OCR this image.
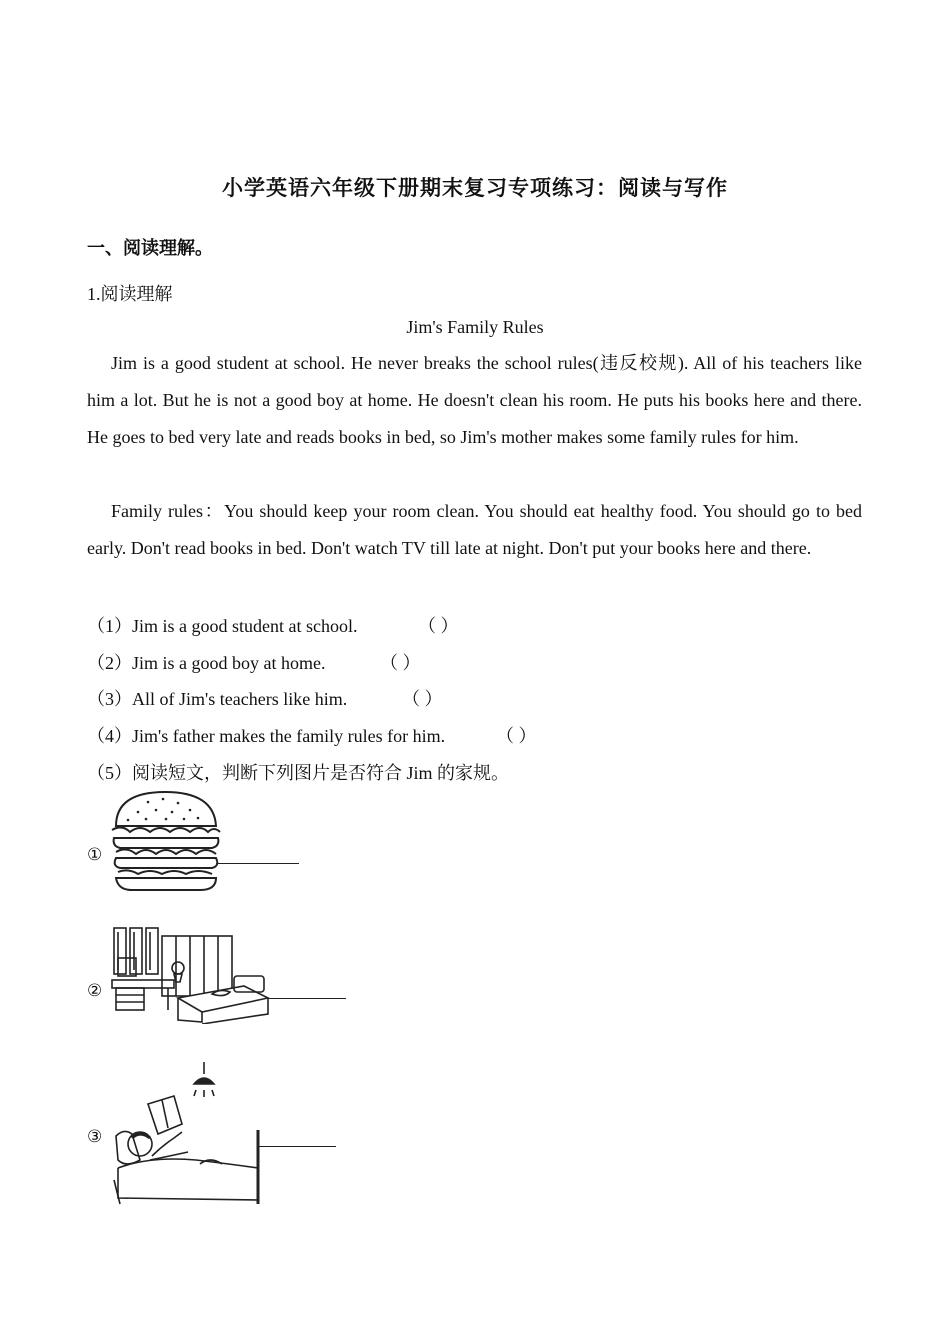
小学英语六年级下册期末复习专项练习：阅读与写作
一、阅读理解。
1.阅读理解
Jim's Family Rules

Jim is a good student at school. He never breaks the school rules(违反校规). All of his teachers like him a lot. But he is not a good boy at home. He doesn't clean his room. He puts his books here and there. He goes to bed very late and reads books in bed, so Jim's mother makes some family rules for him.

Family rules：You should keep your room clean. You should eat healthy food. You should go to bed early. Don't read books in bed. Don't watch TV till late at night. Don't put your books here and there.

（1）Jim is a good student at school.	（ ）
（2）Jim is a good boy at home.	（ ）
（3）All of Jim's teachers like him.	（ ）
（4）Jim's father makes the family rules for him.	（ ）
（5）阅读短文，判断下列图片是否符合 Jim 的家规。
①
②
③
